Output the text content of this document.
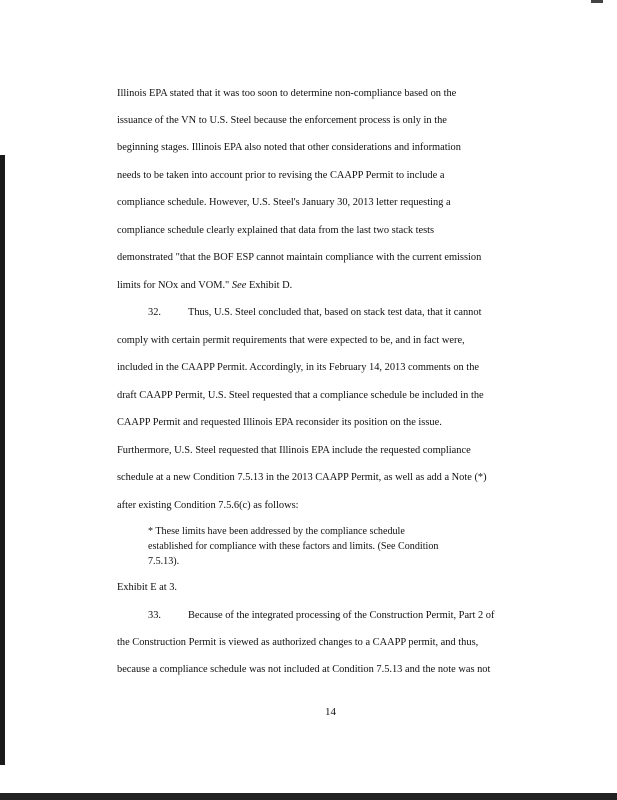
Illinois EPA stated that it was too soon to determine non-compliance based on the
issuance of the VN to U.S. Steel because the enforcement process is only in the
beginning stages. Illinois EPA also noted that other considerations and information
needs to be taken into account prior to revising the CAAPP Permit to include a
compliance schedule. However, U.S. Steel's January 30, 2013 letter requesting a
compliance schedule clearly explained that data from the last two stack tests
demonstrated "that the BOF ESP cannot maintain compliance with the current emission
limits for NOx and VOM." See Exhibit D.
32.	Thus, U.S. Steel concluded that, based on stack test data, that it cannot
comply with certain permit requirements that were expected to be, and in fact were,
included in the CAAPP Permit. Accordingly, in its February 14, 2013 comments on the
draft CAAPP Permit, U.S. Steel requested that a compliance schedule be included in the
CAAPP Permit and requested Illinois EPA reconsider its position on the issue.
Furthermore, U.S. Steel requested that Illinois EPA include the requested compliance
schedule at a new Condition 7.5.13 in the 2013 CAAPP Permit, as well as add a Note (*)
after existing Condition 7.5.6(c) as follows:
* These limits have been addressed by the compliance schedule
established for compliance with these factors and limits. (See Condition
7.5.13).
Exhibit E at 3.
33.	Because of the integrated processing of the Construction Permit, Part 2 of
the Construction Permit is viewed as authorized changes to a CAAPP permit, and thus,
because a compliance schedule was not included at Condition 7.5.13 and the note was not
14
